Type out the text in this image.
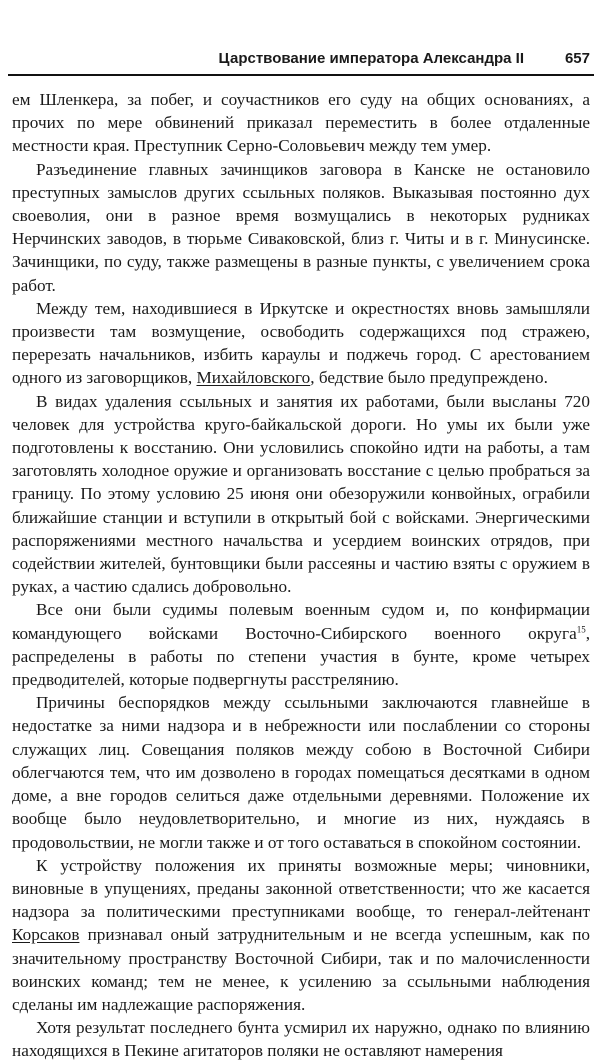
Царствование императора Александра II	657

ем Шленкера, за побег, и соучастников его суду на общих основаниях, а прочих по мере обвинений приказал переместить в более отдаленные местности края. Преступник Серно-Соловьевич между тем умер.

Разъединение главных зачинщиков заговора в Канске не остановило преступных замыслов других ссыльных поляков. Выказывая постоянно дух своеволия, они в разное время возмущались в некоторых рудниках Нерчинских заводов, в тюрьме Сиваковской, близ г. Читы и в г. Минусинске. Зачинщики, по суду, также размещены в разные пункты, с увеличением срока работ.

Между тем, находившиеся в Иркутске и окрестностях вновь замышляли произвести там возмущение, освободить содержащихся под стражею, перерезать начальников, избить караулы и поджечь город. С арестованием одного из заговорщиков, Михайловского, бедствие было предупреждено.

В видах удаления ссыльных и занятия их работами, были высланы 720 человек для устройства круго-байкальской дороги. Но умы их были уже подготовлены к восстанию. Они условились спокойно идти на работы, а там заготовлять холодное оружие и организовать восстание с целью пробраться за границу. По этому условию 25 июня они обезоружили конвойных, ограбили ближайшие станции и вступили в открытый бой с войсками. Энергическими распоряжениями местного начальства и усердием воинских отрядов, при содействии жителей, бунтовщики были рассеяны и частию взяты с оружием в руках, а частию сдались добровольно.

Все они были судимы полевым военным судом и, по конфирмации командующего войсками Восточно-Сибирского военного округа$^{15}$, распределены в работы по степени участия в бунте, кроме четырех предводителей, которые подвергнуты расстрелянию.

Причины беспорядков между ссыльными заключаются главнейше в недостатке за ними надзора и в небрежности или послаблении со стороны служащих лиц. Совещания поляков между собою в Восточной Сибири облегчаются тем, что им дозволено в городах помещаться десятками в одном доме, а вне городов селиться даже отдельными деревнями. Положение их вообще было неудовлетворительно, и многие из них, нуждаясь в продовольствии, не могли также и от того оставаться в спокойном состоянии.

К устройству положения их приняты возможные меры; чиновники, виновные в упущениях, преданы законной ответственности; что же касается надзора за политическими преступниками вообще, то генерал-лейтенант Корсаков признавал оный затруднительным и не всегда успешным, как по значительному пространству Восточной Сибири, так и по малочисленности воинских команд; тем не менее, к усилению за ссыльными наблюдения сделаны им надлежащие распоряжения.

Хотя результат последнего бунта усмирил их наружно, однако по влиянию находящихся в Пекине агитаторов поляки не оставляют намерения
